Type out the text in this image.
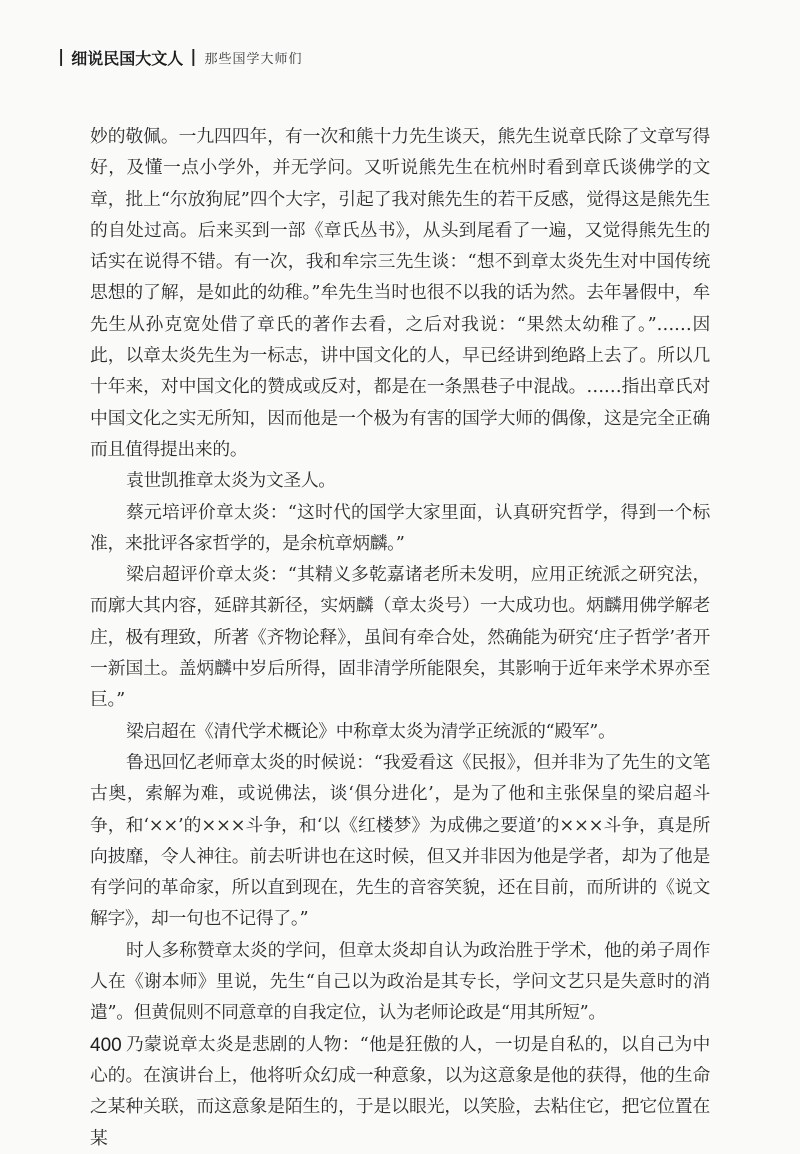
| 细说民国大文人 | 那些国学大师们

妙的敬佩。一九四四年，有一次和熊十力先生谈天，熊先生说章氏除了文章写得好，及懂一点小学外，并无学问。又听说熊先生在杭州时看到章氏谈佛学的文章，批上“尔放狗屁”四个大字，引起了我对熊先生的若干反感，觉得这是熊先生的自处过高。后来买到一部《章氏丛书》，从头到尾看了一遍，又觉得熊先生的话实在说得不错。有一次，我和牟宗三先生谈：“想不到章太炎先生对中国传统思想的了解，是如此的幼稚。”牟先生当时也很不以我的话为然。去年暑假中，牟先生从孙克宽处借了章氏的著作去看，之后对我说：“果然太幼稚了。”……因此，以章太炎先生为一标志，讲中国文化的人，早已经讲到绝路上去了。所以几十年来，对中国文化的赞成或反对，都是在一条黑巷子中混战。……指出章氏对中国文化之实无所知，因而他是一个极为有害的国学大师的偶像，这是完全正确而且值得提出来的。

袁世凯推章太炎为文圣人。

蔡元培评价章太炎：“这时代的国学大家里面，认真研究哲学，得到一个标准，来批评各家哲学的，是余杭章炳麟。”

梁启超评价章太炎：“其精义多乾嘉诸老所未发明，应用正统派之研究法，而廓大其内容，延辟其新径，实炳麟（章太炎号）一大成功也。炳麟用佛学解老庄，极有理致，所著《齐物论释》，虽间有牵合处，然确能为研究‘庄子哲学’者开一新国土。盖炳麟中岁后所得，固非清学所能限矣，其影响于近年来学术界亦至巨。”

梁启超在《清代学术概论》中称章太炎为清学正统派的“殿军”。

鲁迅回忆老师章太炎的时候说：“我爱看这《民报》，但并非为了先生的文笔古奥，索解为难，或说佛法，谈‘俱分进化’，是为了他和主张保皇的梁启超斗争，和‘××’的×××斗争，和‘以《红楼梦》为成佛之要道’的×××斗争，真是所向披靡，令人神往。前去听讲也在这时候，但又并非因为他是学者，却为了他是有学问的革命家，所以直到现在，先生的音容笑貌，还在目前，而所讲的《说文解字》，却一句也不记得了。”

时人多称赞章太炎的学问，但章太炎却自认为政治胜于学术，他的弟子周作人在《谢本师》里说，先生“自己以为政治是其专长，学问文艺只是失意时的消遣”。但黄侃则不同意章的自我定位，认为老师论政是“用其所短”。

乃蒙说章太炎是悲剧的人物：“他是狂傲的人，一切是自私的，以自己为中心的。在演讲台上，他将听众幻成一种意象，以为这意象是他的获得，他的生命之某种关联，而这意象是陌生的，于是以眼光，以笑脸，去粘住它，把它位置在某

400
